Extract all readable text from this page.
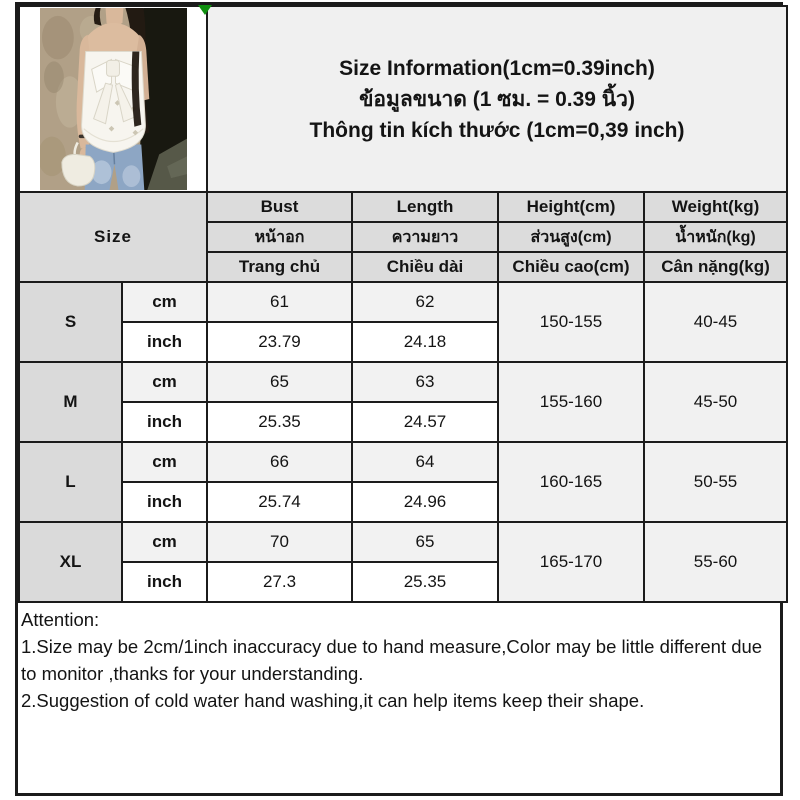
Size Information(1cm=0.39inch)
ข้อมูลขนาด (1 ซม. = 0.39 นิ้ว)
Thông tin kích thước (1cm=0,39 inch)			

Size		Bust	Length	Height(cm)	Weight(kg)
		หน้าอก	ความยาว	ส่วนสูง(cm)	น้ำหนัก(kg)
		Trang chủ	Chiều dài	Chiều cao(cm)	Cân nặng(kg)
S	cm	61	62	150-155	40-45
	inch	23.79	24.18		
M	cm	65	63	155-160	45-50
	inch	25.35	24.57		
L	cm	66	64	160-165	50-55
	inch	25.74	24.96		
XL	cm	70	65	165-170	55-60
	inch	27.3	25.35		

Attention:

1.Size may be 2cm/1inch inaccuracy due to hand measure,Color may be little different due to monitor ,thanks for your understanding.

2.Suggestion of cold water hand washing,it can help items keep their shape.
